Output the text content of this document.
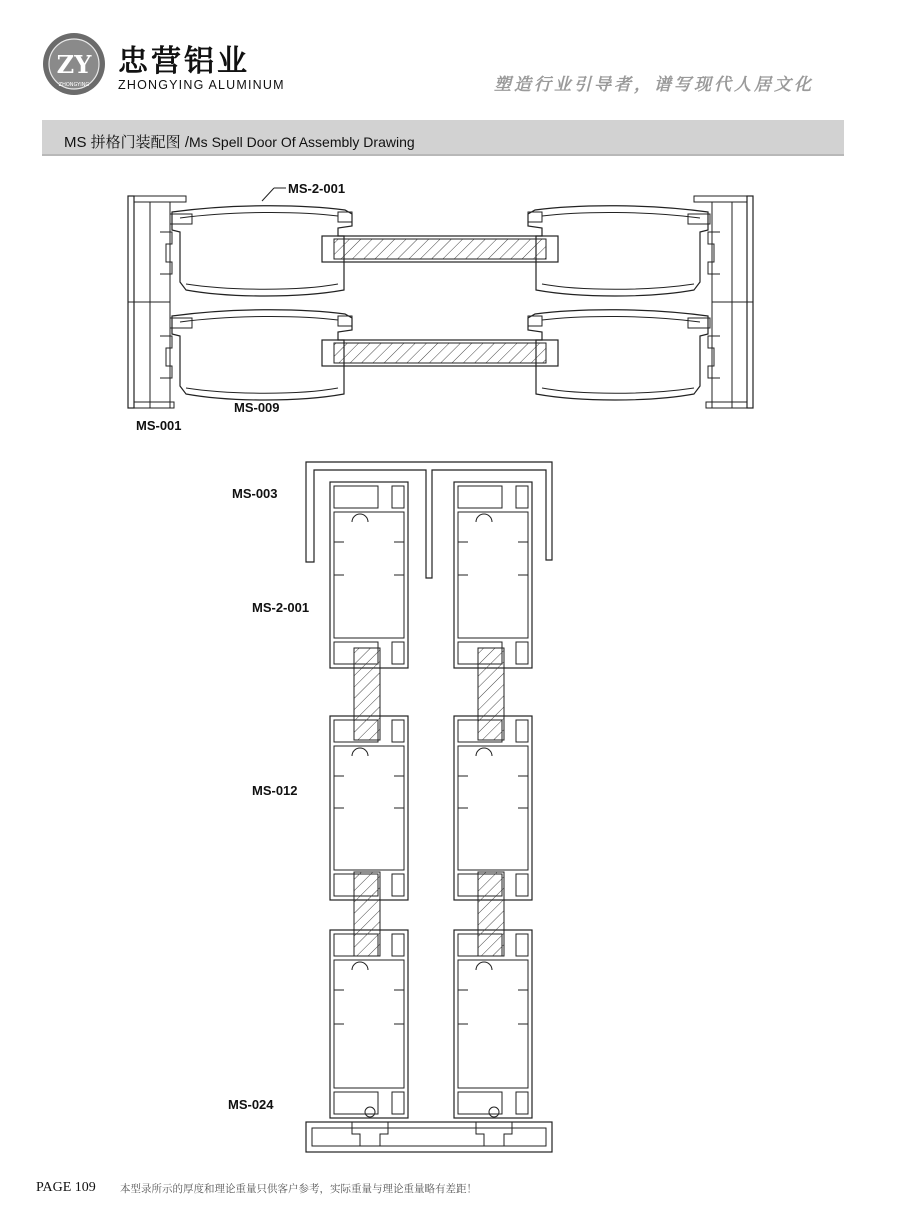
ZY
ZHONGYING
忠营铝业
ZHONGYING ALUMINUM	塑造行业引导者，谱写现代人居文化
MS 拼格门装配图 /Ms Spell Door Of Assembly Drawing
MS-2-001
MS-009
MS-001
MS-003
MS-2-001
MS-012
MS-024
PAGE 109 本型录所示的厚度和理论重量只供客户参考，实际重量与理论重量略有差距！
